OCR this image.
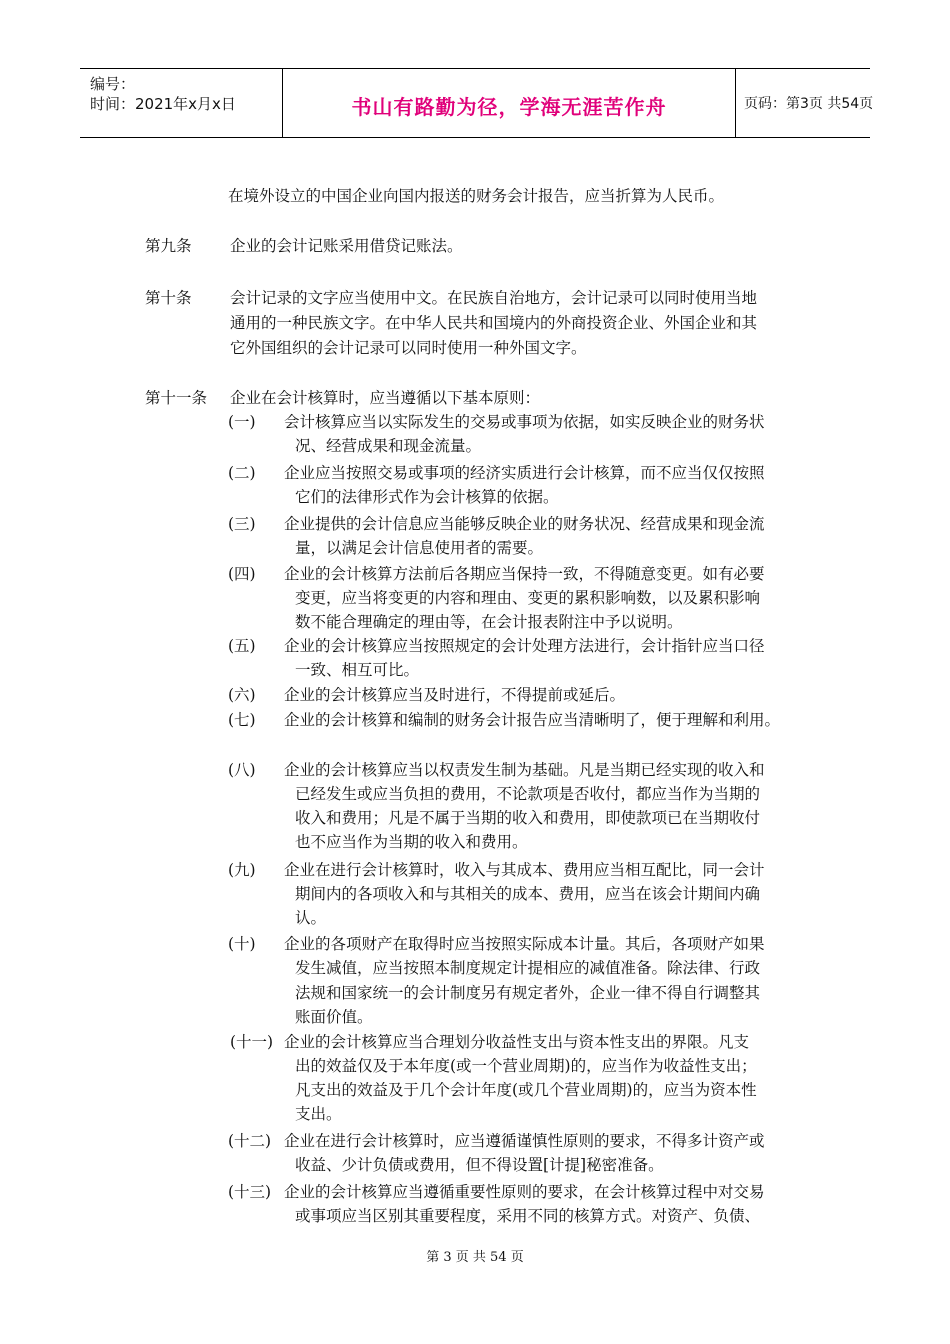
编号：
时间：2021年x月x日	书山有路勤为径，学海无涯苦作舟	页码：第3页 共54页
在境外设立的中国企业向国内报送的财务会计报告，应当折算为人民币。
第九条 企业的会计记账采用借贷记账法。
第十条 会计记录的文字应当使用中文。在民族自治地方，会计记录可以同时使用当地
通用的一种民族文字。在中华人民共和国境内的外商投资企业、外国企业和其
它外国组织的会计记录可以同时使用一种外国文字。
第十一条 企业在会计核算时，应当遵循以下基本原则：
(一) 会计核算应当以实际发生的交易或事项为依据，如实反映企业的财务状
况、经营成果和现金流量。
(二) 企业应当按照交易或事项的经济实质进行会计核算，而不应当仅仅按照
它们的法律形式作为会计核算的依据。
(三) 企业提供的会计信息应当能够反映企业的财务状况、经营成果和现金流
量，以满足会计信息使用者的需要。
(四) 企业的会计核算方法前后各期应当保持一致，不得随意变更。如有必要
变更，应当将变更的内容和理由、变更的累积影响数，以及累积影响
数不能合理确定的理由等，在会计报表附注中予以说明。
(五) 企业的会计核算应当按照规定的会计处理方法进行，会计指针应当口径
一致、相互可比。
(六) 企业的会计核算应当及时进行，不得提前或延后。
(七) 企业的会计核算和编制的财务会计报告应当清晰明了，便于理解和利用。
(八) 企业的会计核算应当以权责发生制为基础。凡是当期已经实现的收入和
已经发生或应当负担的费用，不论款项是否收付，都应当作为当期的
收入和费用；凡是不属于当期的收入和费用，即使款项已在当期收付
也不应当作为当期的收入和费用。
(九) 企业在进行会计核算时，收入与其成本、费用应当相互配比，同一会计
期间内的各项收入和与其相关的成本、费用，应当在该会计期间内确
认。
(十) 企业的各项财产在取得时应当按照实际成本计量。其后，各项财产如果
发生减值，应当按照本制度规定计提相应的减值准备。除法律、行政
法规和国家统一的会计制度另有规定者外，企业一律不得自行调整其
账面价值。
(十一) 企业的会计核算应当合理划分收益性支出与资本性支出的界限。凡支
出的效益仅及于本年度(或一个营业周期)的，应当作为收益性支出；
凡支出的效益及于几个会计年度(或几个营业周期)的，应当为资本性
支出。
(十二) 企业在进行会计核算时，应当遵循谨慎性原则的要求，不得多计资产或
收益、少计负债或费用，但不得设置[计提]秘密准备。
(十三) 企业的会计核算应当遵循重要性原则的要求，在会计核算过程中对交易
或事项应当区别其重要程度，采用不同的核算方式。对资产、负债、
第 3 页 共 54 页
